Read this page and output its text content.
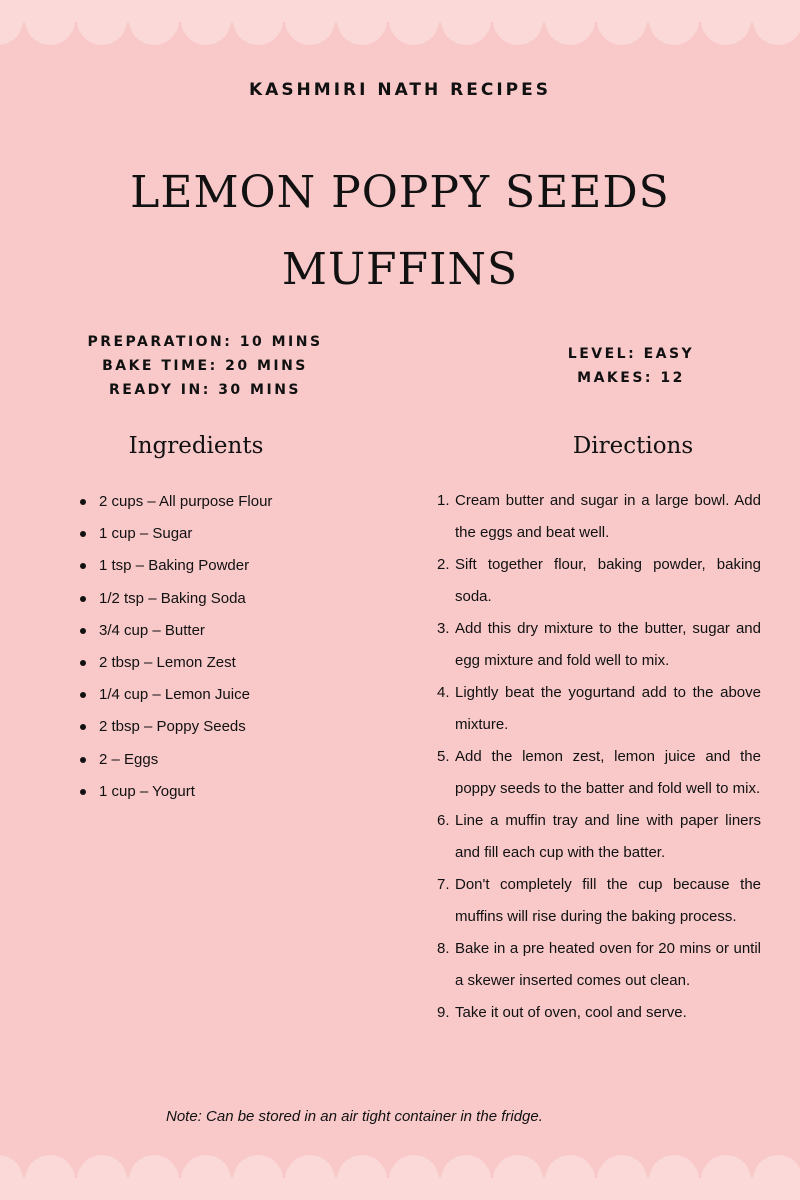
KASHMIRI NATH RECIPES
LEMON POPPY SEEDS
MUFFINS
PREPARATION: 10 MINS
BAKE TIME: 20 MINS
READY IN: 30 MINS
LEVEL: EASY
MAKES: 12
Ingredients	Directions
2 cups – All purpose Flour
1 cup – Sugar
1 tsp – Baking Powder
1/2 tsp – Baking Soda
3/4 cup – Butter
2 tbsp – Lemon Zest
1/4 cup – Lemon Juice
2 tbsp – Poppy Seeds
2 – Eggs
1 cup – Yogurt
1. Cream butter and sugar in a large bowl. Add the eggs and beat well.
2. Sift together flour, baking powder, baking soda.
3. Add this dry mixture to the butter, sugar and egg mixture and fold well to mix.
4. Lightly beat the yogurtand add to the above mixture.
5. Add the lemon zest, lemon juice and the poppy seeds to the batter and fold well to mix.
6. Line a muffin tray and line with paper liners and fill each cup with the batter.
7. Don't completely fill the cup because the muffins will rise during the baking process.
8. Bake in a pre heated oven for 20 mins or until a skewer inserted comes out clean.
9. Take it out of oven, cool and serve.
Note: Can be stored in an air tight container in the fridge.
